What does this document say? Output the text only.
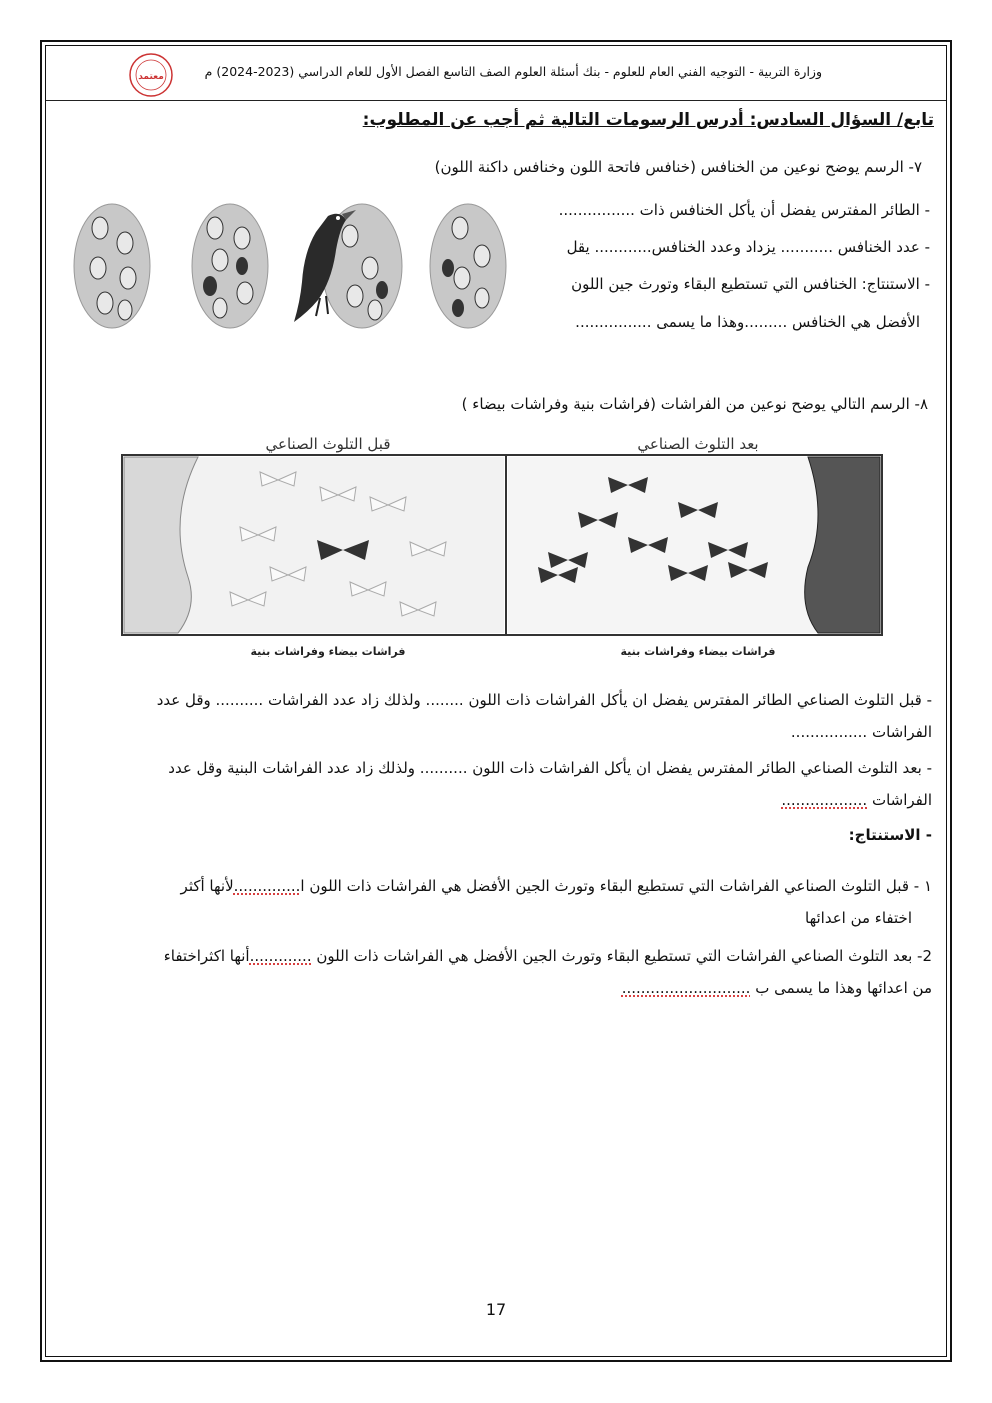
وزارة التربية - التوجيه الفني العام للعلوم - بنك أسئلة العلوم الصف التاسع الفصل الأول للعام الدراسي (2023-2024) م
معتمد
تابع/ السؤال السادس: أدرس الرسومات التالية ثم أجب عن المطلوب:
٧- الرسم يوضح نوعين من الخنافس (خنافس فاتحة اللون وخنافس داكنة اللون)
- الطائر المفترس يفضل أن يأكل الخنافس ذات ................
- عدد الخنافس ........... يزداد وعدد الخنافس............ يقل
- الاستنتاج: الخنافس التي تستطيع البقاء وتورث جين اللون
الأفضل هي الخنافس .........وهذا ما يسمى ................
٨- الرسم التالي يوضح نوعين من الفراشات (فراشات بنية وفراشات بيضاء )
قبل التلوث الصناعي	بعد التلوث الصناعي
فراشات بيضاء وفراشات بنية	فراشات بيضاء وفراشات بنية
- قبل التلوث الصناعي الطائر المفترس يفضل ان يأكل الفراشات ذات اللون ........ ولذلك زاد عدد الفراشات .......... وقل عدد
الفراشات ................
- بعد التلوث الصناعي الطائر المفترس يفضل ان يأكل الفراشات ذات اللون .......... ولذلك زاد عدد الفراشات البنية وقل عدد
الفراشات ..................
- الاستنتاج:
١ - قبل التلوث الصناعي الفراشات التي تستطيع البقاء وتورث الجين الأفضل هي الفراشات ذات اللون ا..............لأنها أكثر
اختفاء من اعدائها
2- بعد التلوث الصناعي الفراشات التي تستطيع البقاء وتورث الجين الأفضل هي الفراشات ذات اللون .............أنها اكثراختفاء
من اعدائها وهذا ما يسمى ب ...........................
17
